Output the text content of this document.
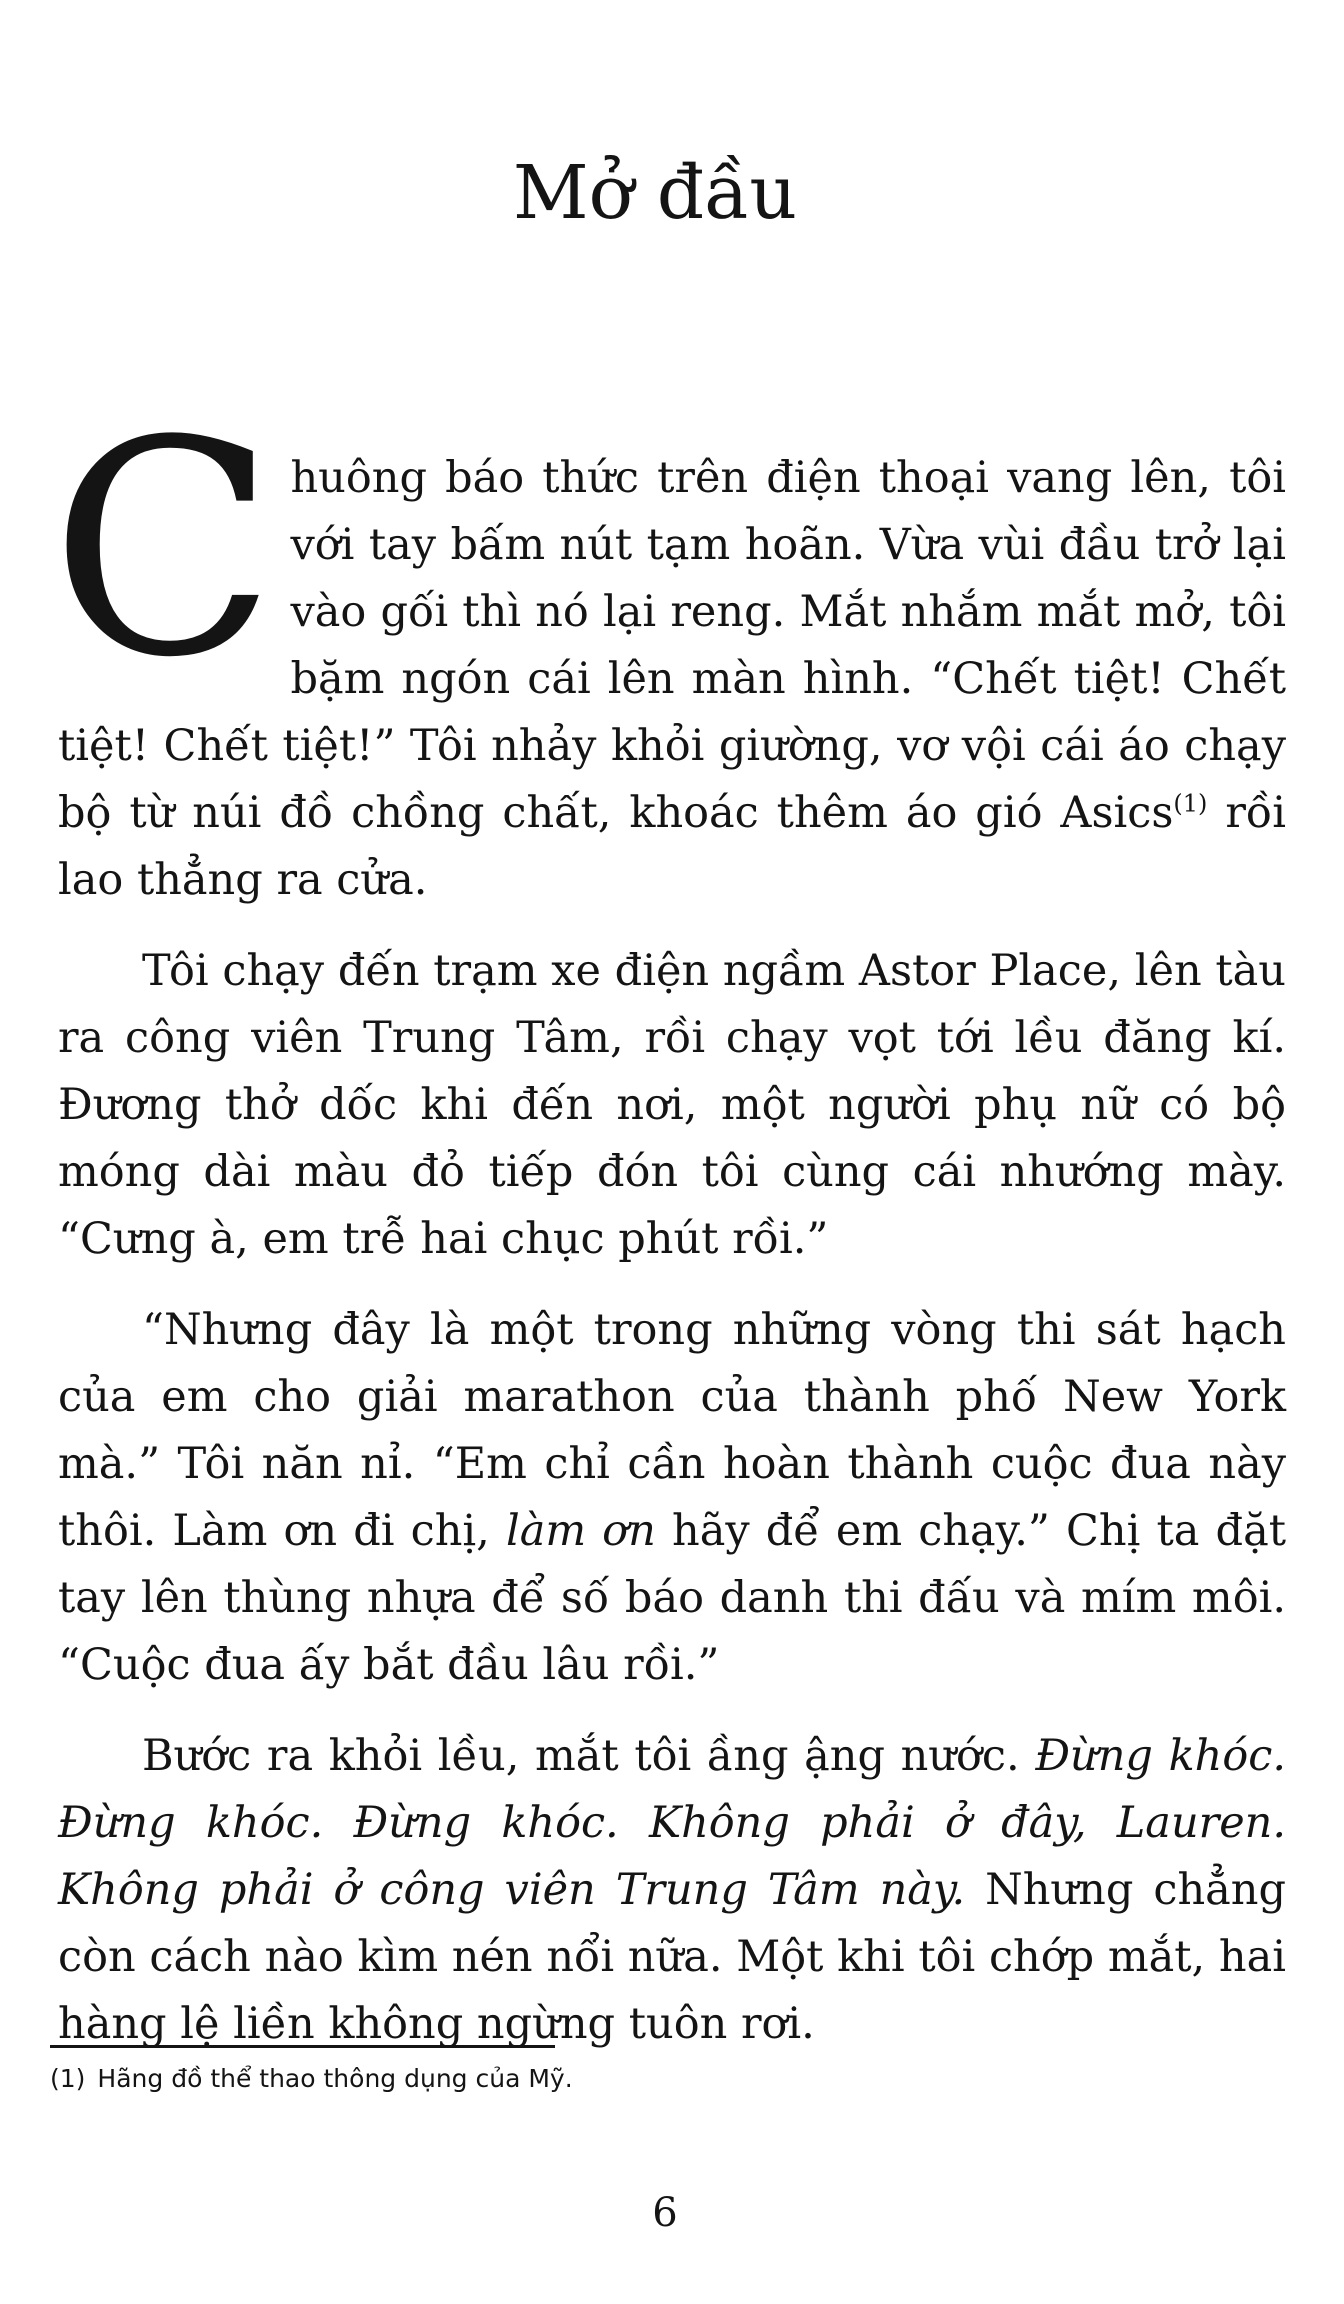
Mở đầu

Chuông báo thức trên điện thoại vang lên, tôi với tay bấm nút tạm hoãn. Vừa vùi đầu trở lại vào gối thì nó lại reng. Mắt nhắm mắt mở, tôi bặm ngón cái lên màn hình. “Chết tiệt! Chết tiệt! Chết tiệt!” Tôi nhảy khỏi giường, vơ vội cái áo chạy bộ từ núi đồ chồng chất, khoác thêm áo gió Asics$^{(1)}$ rồi lao thẳng ra cửa.

Tôi chạy đến trạm xe điện ngầm Astor Place, lên tàu ra công viên Trung Tâm, rồi chạy vọt tới lều đăng kí. Đương thở dốc khi đến nơi, một người phụ nữ có bộ móng dài màu đỏ tiếp đón tôi cùng cái nhướng mày. “Cưng à, em trễ hai chục phút rồi.”

“Nhưng đây là một trong những vòng thi sát hạch của em cho giải marathon của thành phố New York mà.” Tôi năn nỉ. “Em chỉ cần hoàn thành cuộc đua này thôi. Làm ơn đi chị, làm ơn hãy để em chạy.” Chị ta đặt tay lên thùng nhựa để số báo danh thi đấu và mím môi. “Cuộc đua ấy bắt đầu lâu rồi.”

Bước ra khỏi lều, mắt tôi ầng ậng nước. Đừng khóc. Đừng khóc. Đừng khóc. Không phải ở đây, Lauren. Không phải ở công viên Trung Tâm này. Nhưng chẳng còn cách nào kìm nén nổi nữa. Một khi tôi chớp mắt, hai hàng lệ liền không ngừng tuôn rơi.

(1) Hãng đồ thể thao thông dụng của Mỹ.
6
